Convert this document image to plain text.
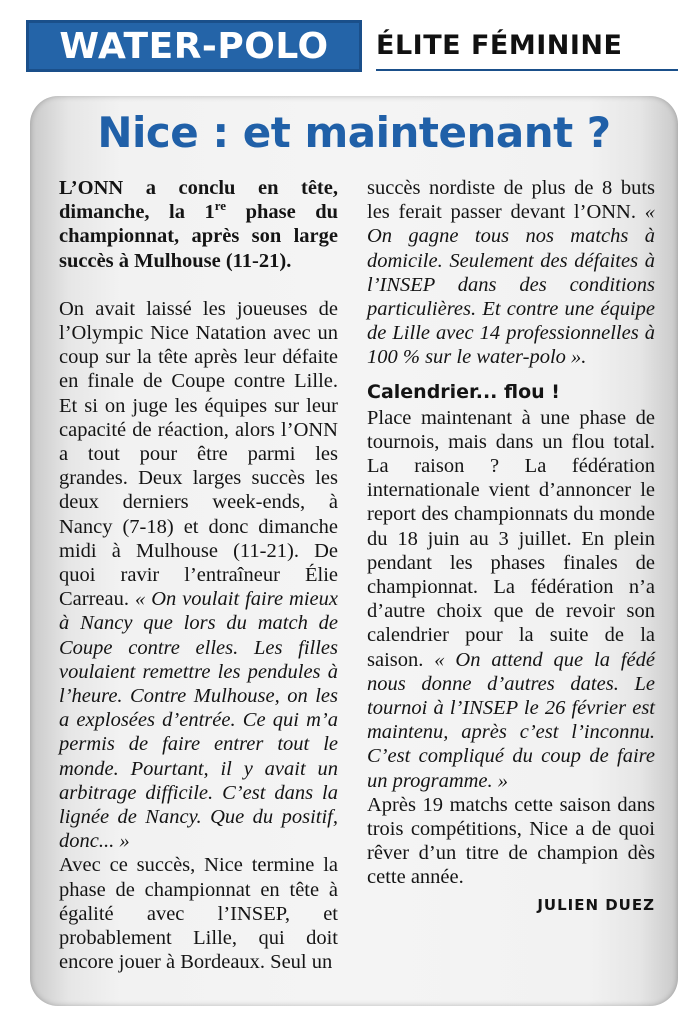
WATER-POLO	ÉLITE FÉMININE
Nice : et maintenant ?

L’ONN a conclu en tête, dimanche, la 1re phase du championnat, après son large succès à Mulhouse (11-21).

On avait laissé les joueuses de l’Olympic Nice Natation avec un coup sur la tête après leur défaite en finale de Coupe contre Lille. Et si on juge les équipes sur leur capacité de réaction, alors l’ONN a tout pour être parmi les grandes. Deux larges succès les deux derniers week-ends, à Nancy (7-18) et donc dimanche midi à Mulhouse (11-21). De quoi ravir l’entraîneur Élie Carreau. « On voulait faire mieux à Nancy que lors du match de Coupe contre elles. Les filles voulaient remettre les pendules à l’heure. Contre Mulhouse, on les a explosées d’entrée. Ce qui m’a permis de faire entrer tout le monde. Pourtant, il y avait un arbitrage difficile. C’est dans la lignée de Nancy. Que du positif, donc... »

Avec ce succès, Nice termine la phase de championnat en tête à égalité avec l’INSEP, et probablement Lille, qui doit encore jouer à Bordeaux. Seul un

succès nordiste de plus de 8 buts les ferait passer devant l’ONN. « On gagne tous nos matchs à domicile. Seulement des défaites à l’INSEP dans des conditions particulières. Et contre une équipe de Lille avec 14 professionnelles à 100 % sur le water-polo ».

Calendrier... flou !

Place maintenant à une phase de tournois, mais dans un flou total. La raison ? La fédération internationale vient d’annoncer le report des championnats du monde du 18 juin au 3 juillet. En plein pendant les phases finales de championnat. La fédération n’a d’autre choix que de revoir son calendrier pour la suite de la saison. « On attend que la fédé nous donne d’autres dates. Le tournoi à l’INSEP le 26 février est maintenu, après c’est l’inconnu. C’est compliqué du coup de faire un programme. »

Après 19 matchs cette saison dans trois compétitions, Nice a de quoi rêver d’un titre de champion dès cette année.

JULIEN DUEZ
